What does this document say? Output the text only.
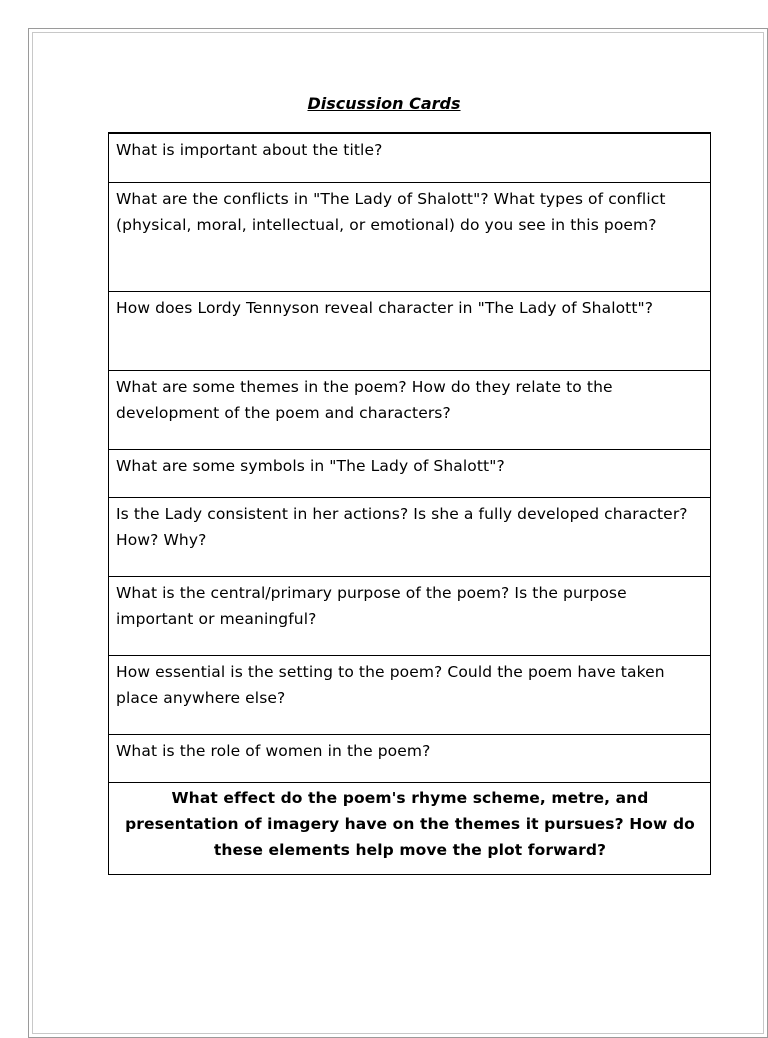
Discussion Cards
What is important about the title?
What are the conflicts in "The Lady of Shalott"? What types of conflict (physical, moral, intellectual, or emotional) do you see in this poem?
How does Lordy Tennyson reveal character in "The Lady of Shalott"?
What are some themes in the poem? How do they relate to the development of the poem and characters?
What are some symbols in "The Lady of Shalott"?
Is the Lady consistent in her actions? Is she a fully developed character? How? Why?
What is the central/primary purpose of the poem? Is the purpose important or meaningful?
How essential is the setting to the poem? Could the poem have taken place anywhere else?
What is the role of women in the poem?
What effect do the poem's rhyme scheme, metre, and presentation of imagery have on the themes it pursues? How do these elements help move the plot forward?
